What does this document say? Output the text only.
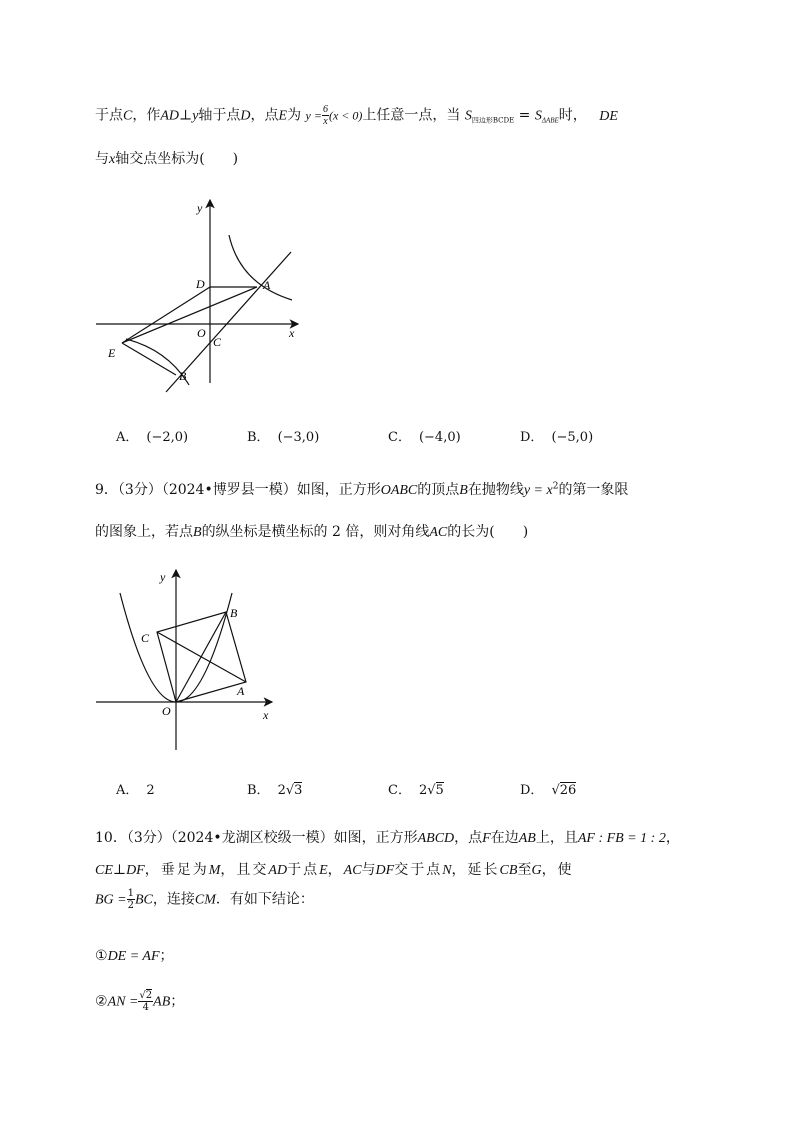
于点C，作AD⊥y轴于点D，点E为 $y = \frac{6}{x} (x < 0)$上任意一点，当 $S_{四边形BCDE} = S_{\Delta ABE}$时， DE
与x轴交点坐标为(　　)
y
x
D	A
O
C
E
B
A． (−2,0)	B． (−3,0)	C． (−4,0)	D． (−5,0)
9．（3分）（2024•博罗县一模）如图，正方形OABC的顶点B在抛物线$y = x^2$的第一象限
的图象上，若点B的纵坐标是横坐标的 2 倍，则对角线AC的长为(　　)
y
x
O
A
B
C
A． 2	B． 2√3	C． 2√5	D． √26
10．（3分）（2024•龙湖区校级一模）如图，正方形ABCD，点F在边AB上，且AF : FB = 1 : 2，
CE⊥DF，垂足为M，且交AD于点E，AC与DF交于点N，延长CB至G，使
BG = $\frac{1}{2}$ BC，连接CM．有如下结论：
①DE = AF；
②AN = $\frac{√2}{4}$ AB；
